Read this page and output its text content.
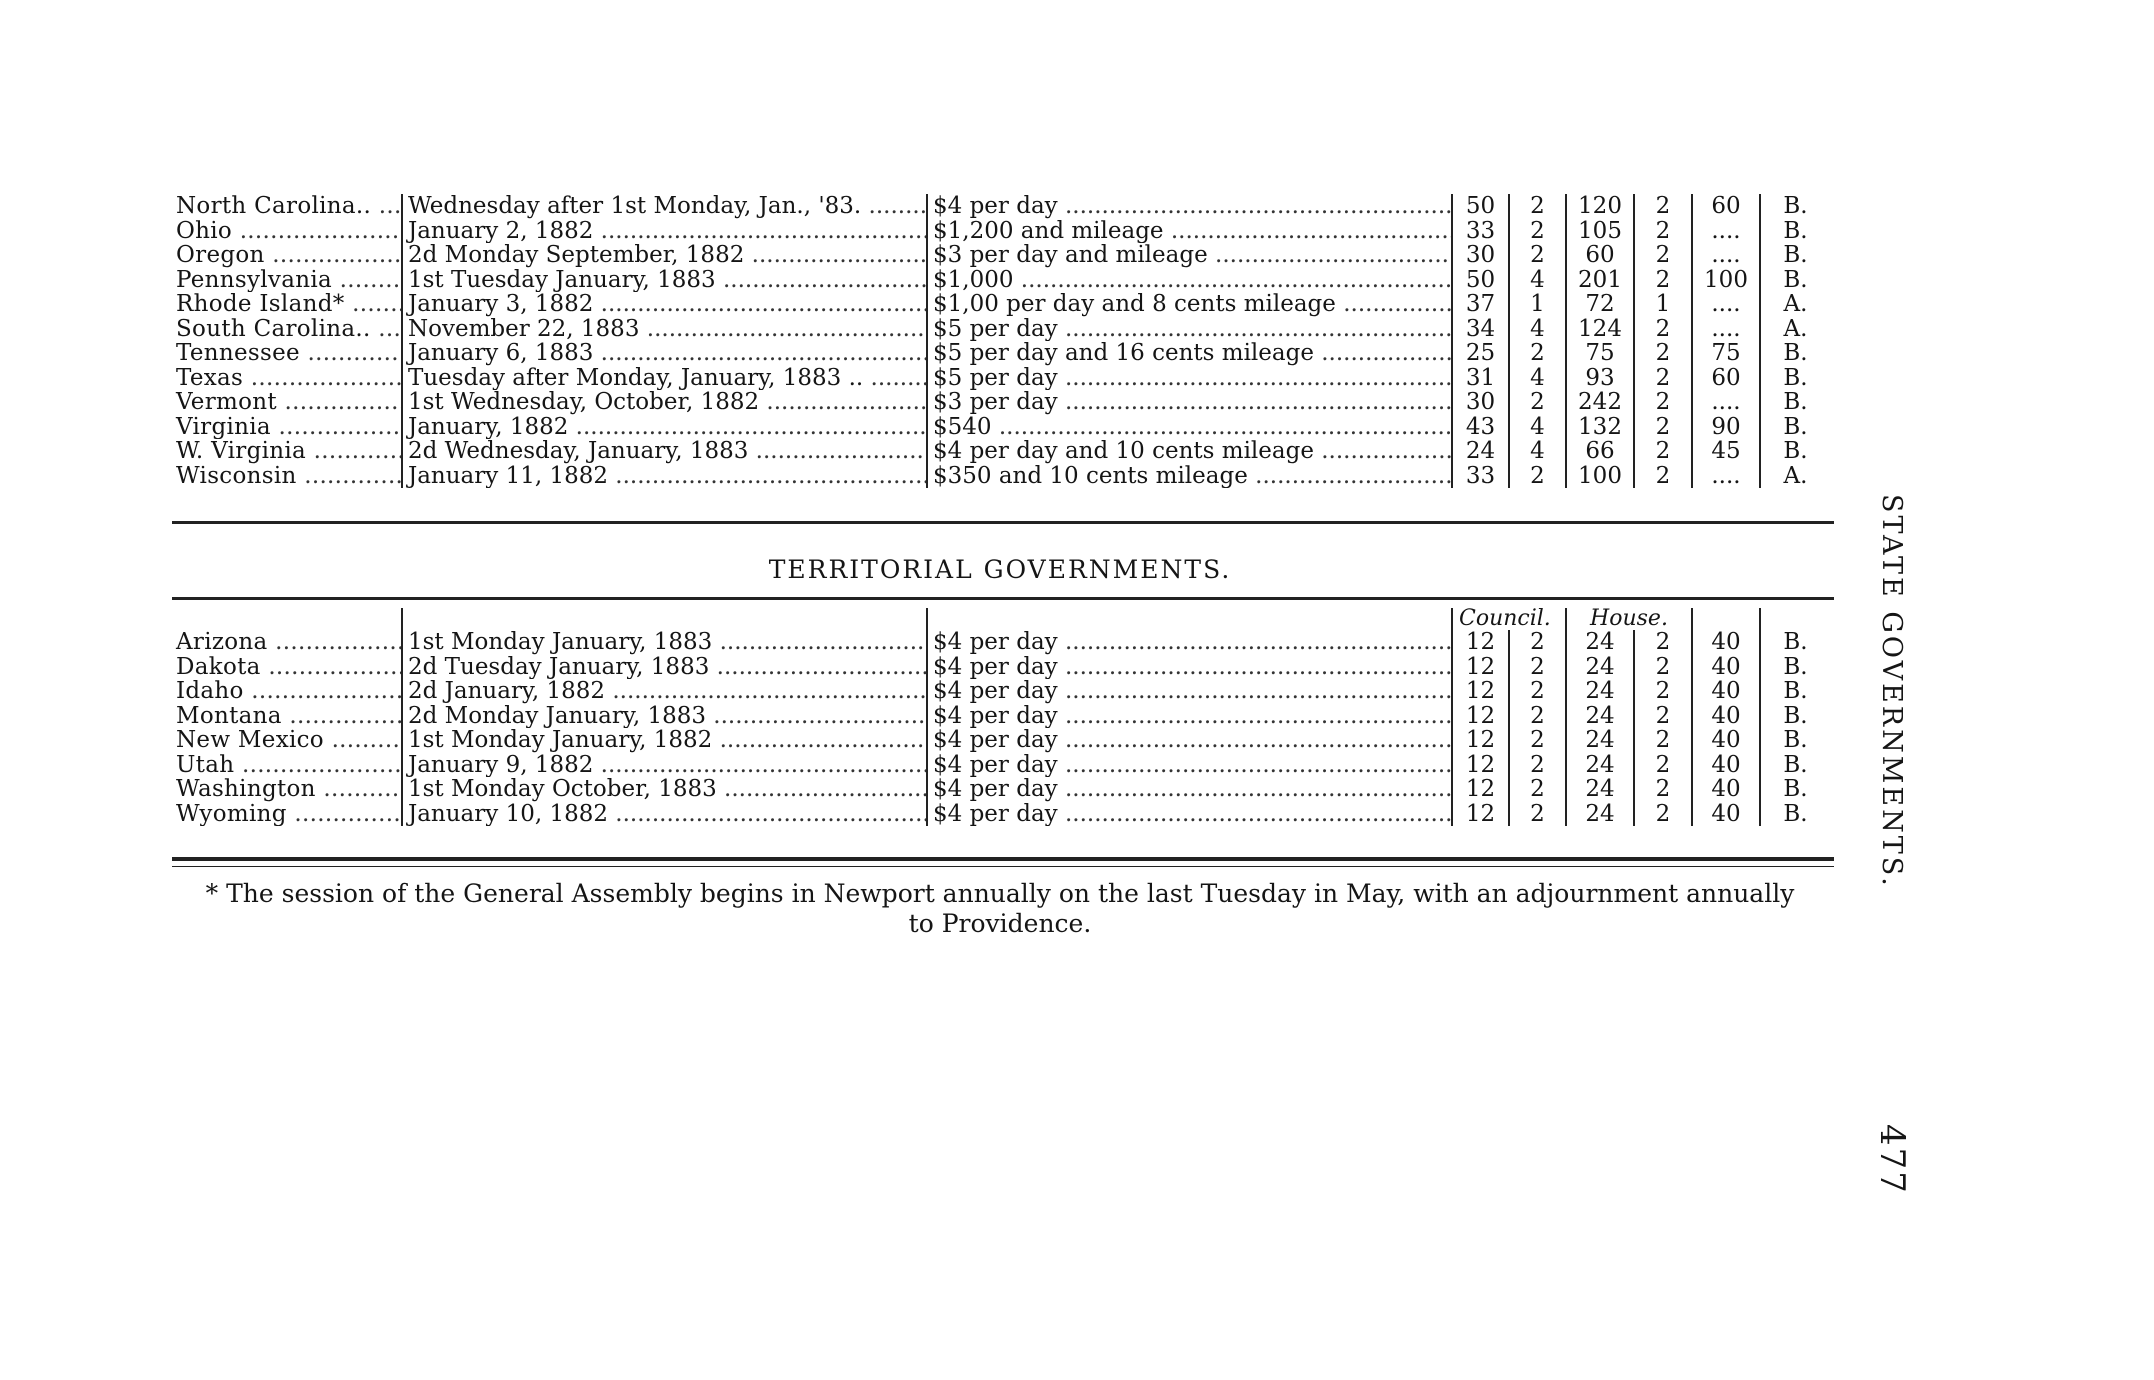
North Carolina.. .....	Wednesday after 1st Monday, Jan., '83. .....	$4 per day .....	50	2	120	2	60	B.
Ohio .....	January 2, 1882 .....	$1,200 and mileage .....	33	2	105	2	....	B.
Oregon .....	2d Monday September, 1882 .....	$3 per day and mileage .....	30	2	60	2	....	B.
Pennsylvania .....	1st Tuesday January, 1883 .....	$1,000 .....	50	4	201	2	100	B.
Rhode Island* .....	January 3, 1882 .....	$1,00 per day and 8 cents mileage .....	37	1	72	1	....	A.
South Carolina.. .....	November 22, 1883 .....	$5 per day .....	34	4	124	2	....	A.
Tennessee .....	January 6, 1883 .....	$5 per day and 16 cents mileage .....	25	2	75	2	75	B.
Texas .....	Tuesday after Monday, January, 1883 .. .....	$5 per day .....	31	4	93	2	60	B.
Vermont .....	1st Wednesday, October, 1882 .....	$3 per day .....	30	2	242	2	....	B.
Virginia .....	January, 1882 .....	$540 .....	43	4	132	2	90	B.
W. Virginia .....	2d Wednesday, January, 1883 .....	$4 per day and 10 cents mileage .....	24	4	66	2	45	B.
Wisconsin .....	January 11, 1882 .....	$350 and 10 cents mileage .....	33	2	100	2	....	A.
TERRITORIAL GOVERNMENTS.
			Council.		House.			
Arizona .....	1st Monday January, 1883 .....	$4 per day .....	12	2	24	2	40	B.
Dakota .....	2d Tuesday January, 1883 .....	$4 per day .....	12	2	24	2	40	B.
Idaho .....	2d January, 1882 .....	$4 per day .....	12	2	24	2	40	B.
Montana .....	2d Monday January, 1883 .....	$4 per day .....	12	2	24	2	40	B.
New Mexico .....	1st Monday January, 1882 .....	$4 per day .....	12	2	24	2	40	B.
Utah .....	January 9, 1882 .....	$4 per day .....	12	2	24	2	40	B.
Washington .....	1st Monday October, 1883 .....	$4 per day .....	12	2	24	2	40	B.
Wyoming .....	January 10, 1882 .....	$4 per day .....	12	2	24	2	40	B.
* The session of the General Assembly begins in Newport annually on the last Tuesday in May, with an adjournment annually to Providence.
STATE GOVERNMENTS.
477
